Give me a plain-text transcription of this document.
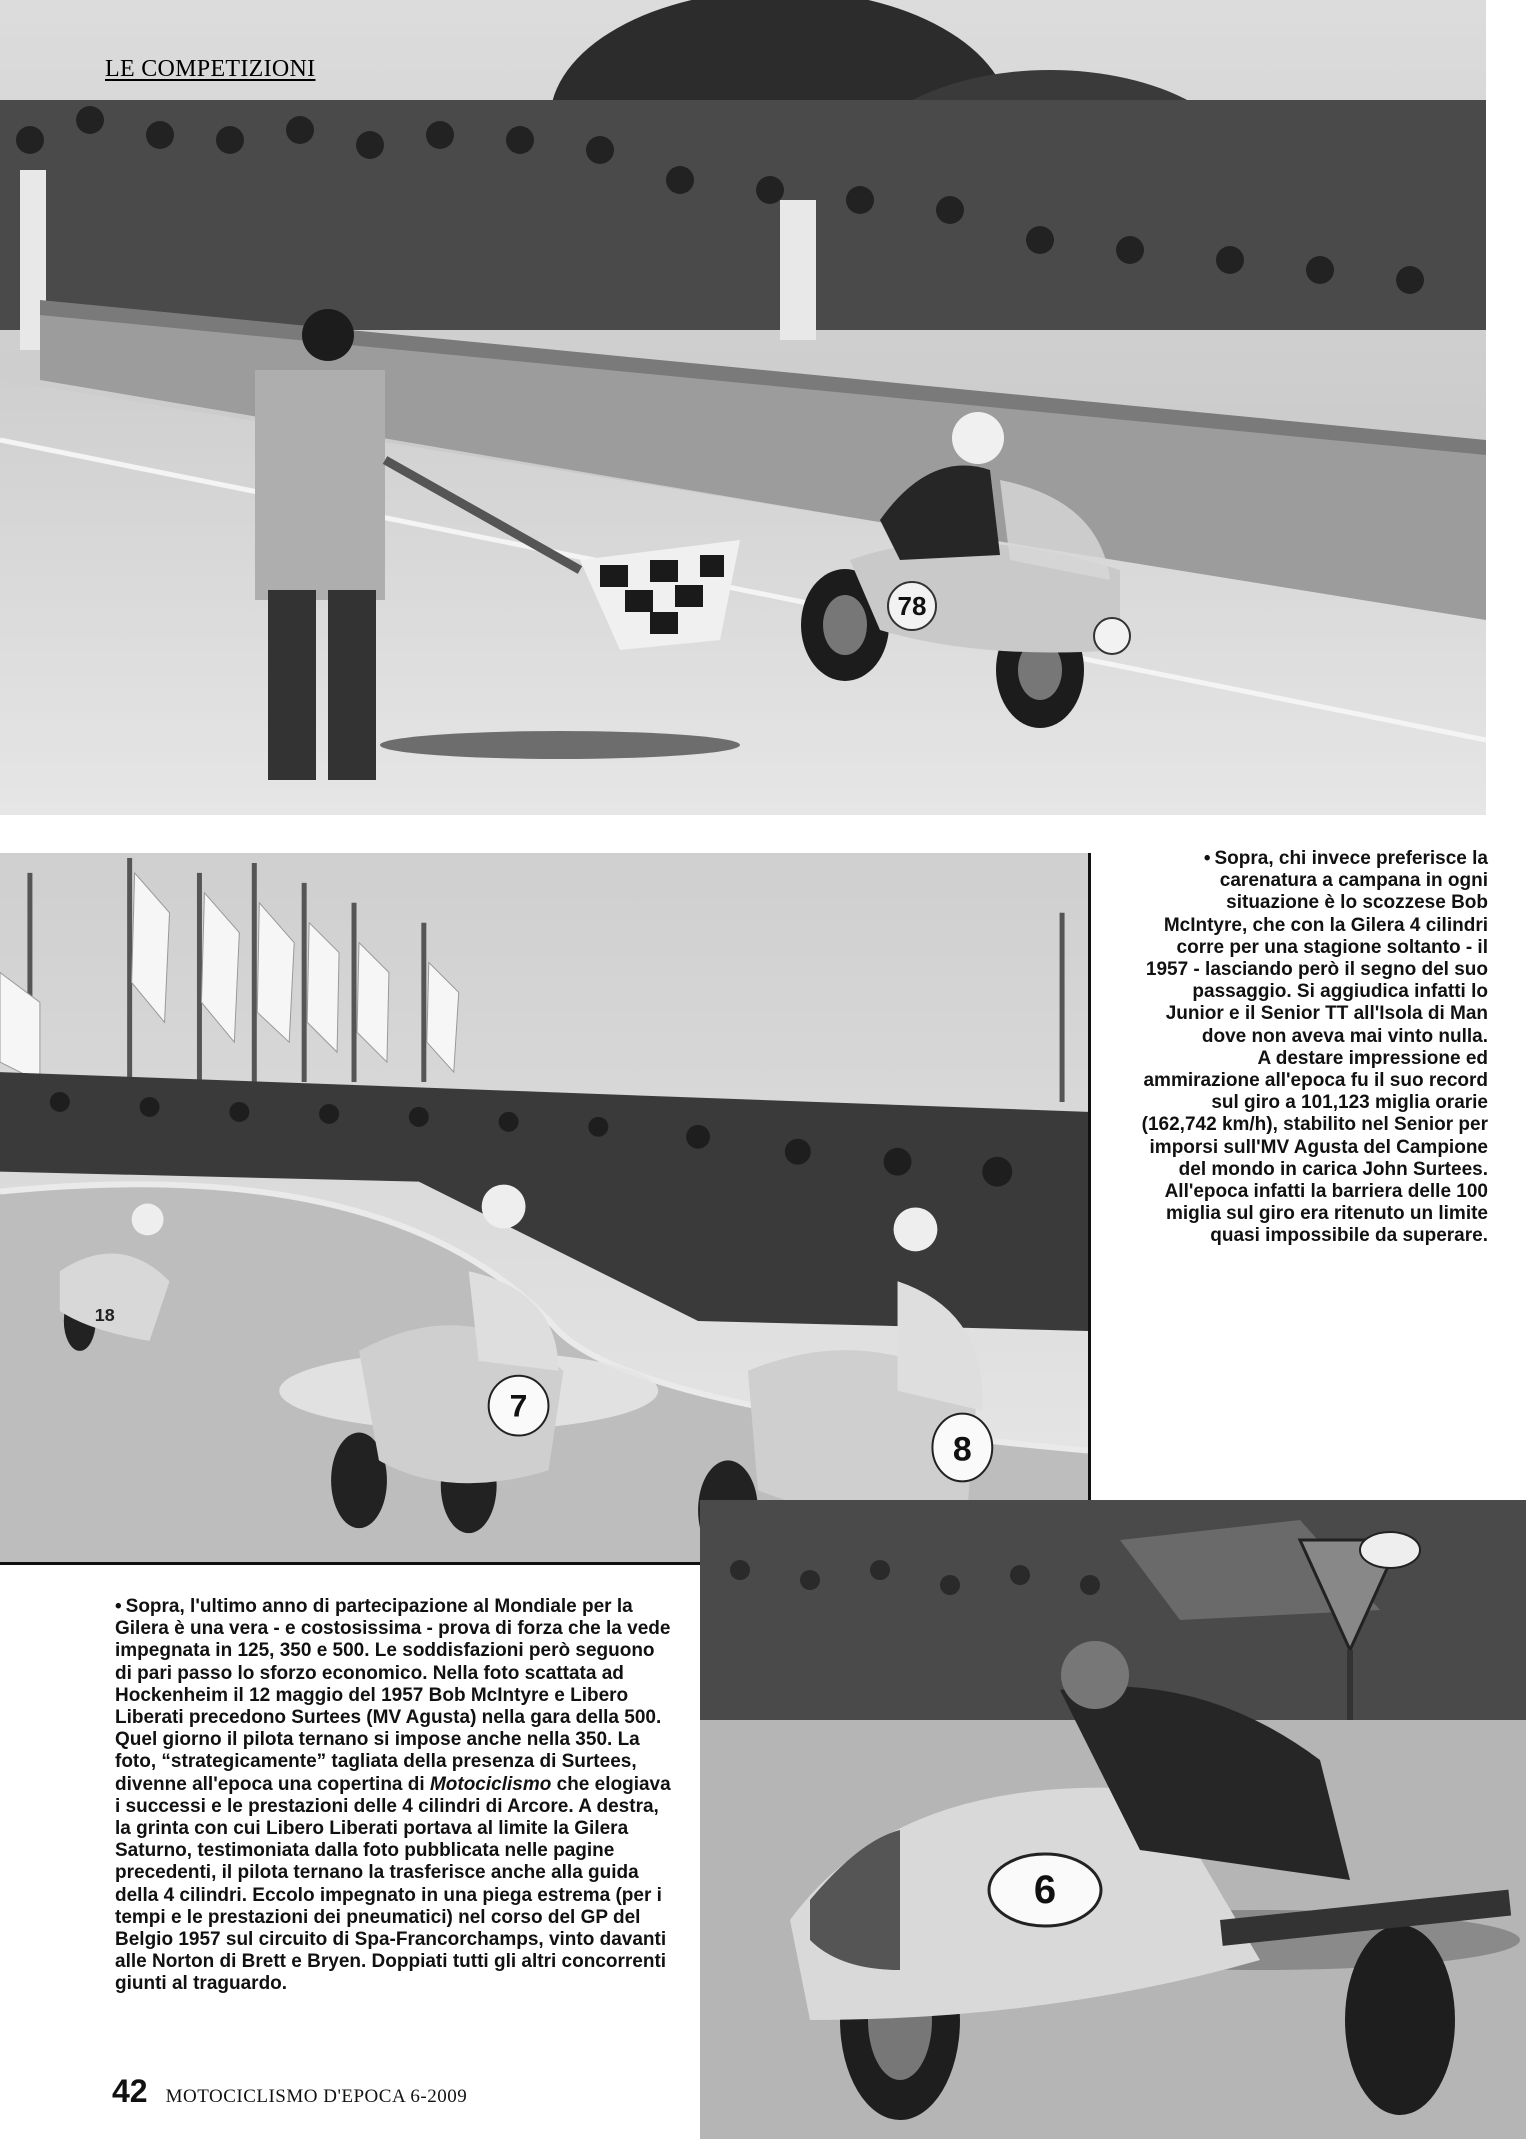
LE COMPETIZIONI
78
18
7
8
6

• Sopra, chi invece preferisce la carenatura a campana in ogni situazione è lo scozzese Bob McIntyre, che con la Gilera 4 cilindri corre per una stagione soltanto - il 1957 - lasciando però il segno del suo passaggio. Si aggiudica infatti lo Junior e il Senior TT all'Isola di Man dove non aveva mai vinto nulla.

A destare impressione ed ammirazione all'epoca fu il suo record sul giro a 101,123 miglia orarie (162,742 km/h), stabilito nel Senior per imporsi sull'MV Agusta del Campione del mondo in carica John Surtees. All'epoca infatti la barriera delle 100 miglia sul giro era ritenuto un limite quasi impossibile da superare.

• Sopra, l'ultimo anno di partecipazione al Mondiale per la Gilera è una vera - e costosissima - prova di forza che la vede impegnata in 125, 350 e 500. Le soddisfazioni però seguono di pari passo lo sforzo economico. Nella foto scattata ad Hockenheim il 12 maggio del 1957 Bob McIntyre e Libero Liberati precedono Surtees (MV Agusta) nella gara della 500. Quel giorno il pilota ternano si impose anche nella 350. La foto, “strategicamente” tagliata della presenza di Surtees, divenne all'epoca una copertina di Motociclismo che elogiava i successi e le prestazioni delle 4 cilindri di Arcore. A destra, la grinta con cui Libero Liberati portava al limite la Gilera Saturno, testimoniata dalla foto pubblicata nelle pagine precedenti, il pilota ternano la trasferisce anche alla guida della 4 cilindri. Eccolo impegnato in una piega estrema (per i tempi e le prestazioni dei pneumatici) nel corso del GP del Belgio 1957 sul circuito di Spa-Francorchamps, vinto davanti alle Norton di Brett e Bryen. Doppiati tutti gli altri concorrenti giunti al traguardo.

42 MOTOCICLISMO D'EPOCA 6-2009
